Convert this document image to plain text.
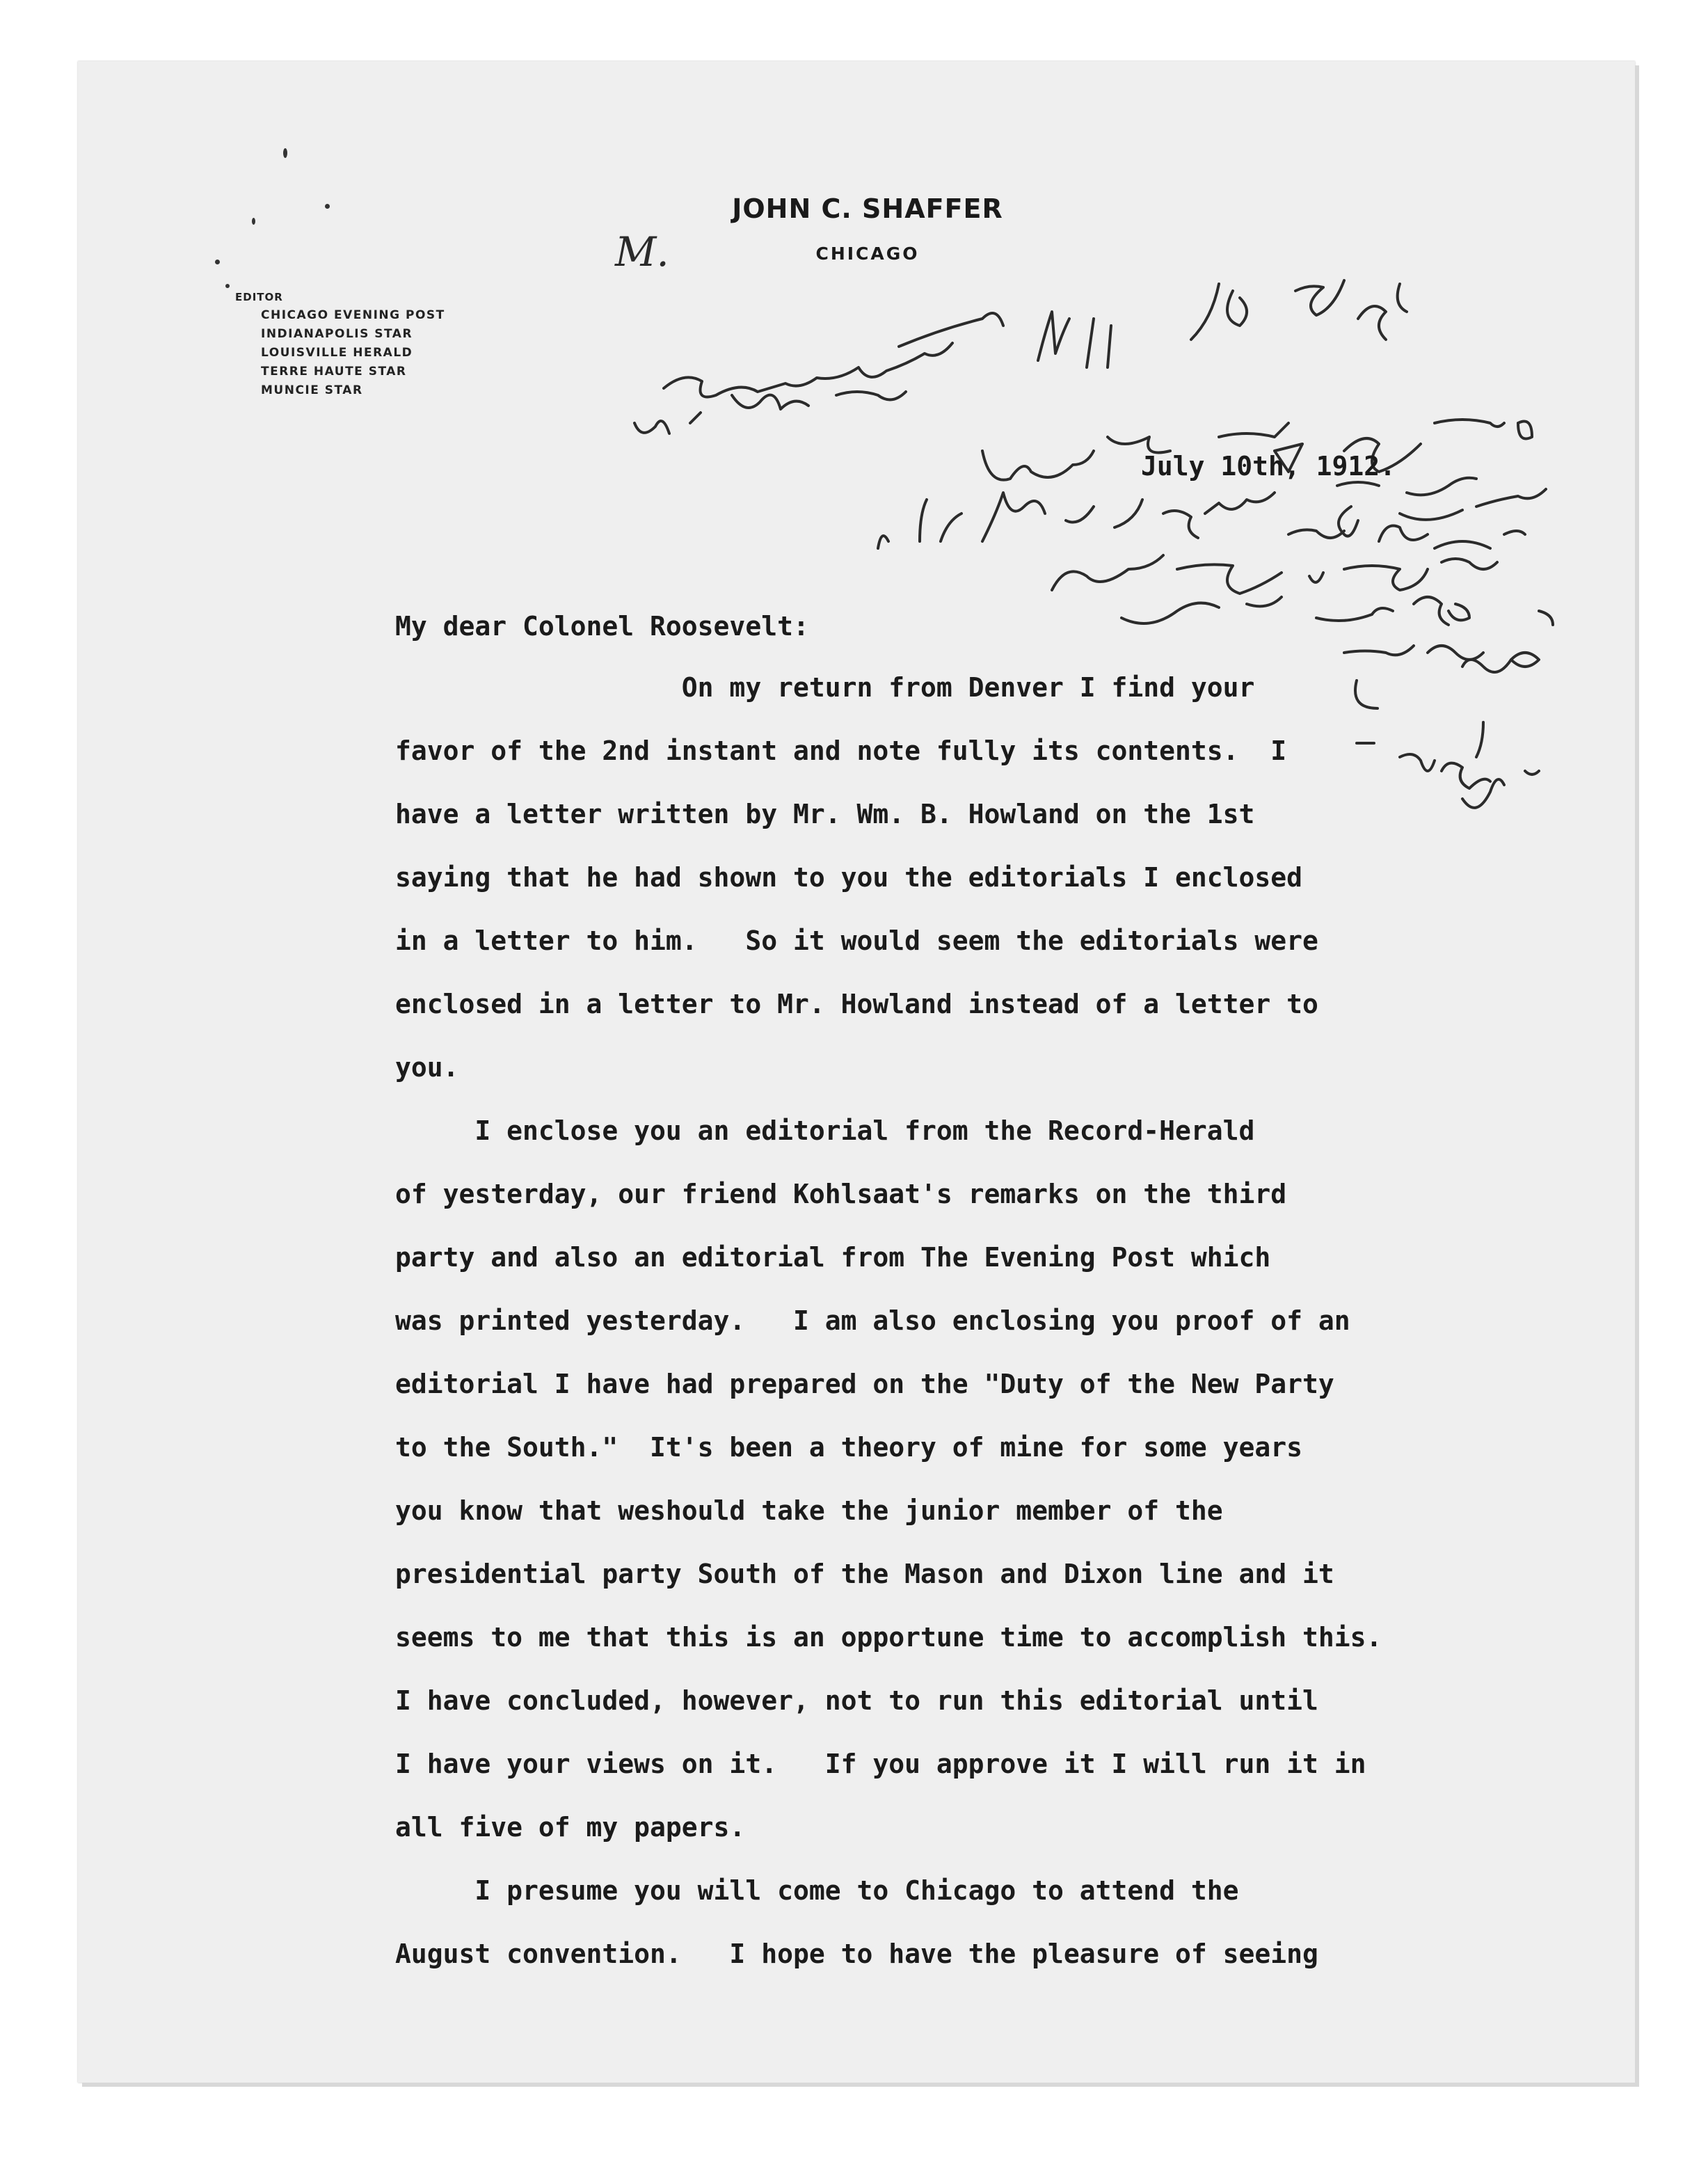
M.
JOHN C. SHAFFER
CHICAGO
EDITOR
CHICAGO EVENING POST
INDIANAPOLIS STAR
LOUISVILLE HERALD
TERRE HAUTE STAR
MUNCIE STAR
July 10th, 1912.
My dear Colonel Roosevelt:
On my return from Denver I find your
favor of the 2nd instant and note fully its contents.  I
have a letter written by Mr. Wm. B. Howland on the 1st
saying that he had shown to you the editorials I enclosed
in a letter to him.   So it would seem the editorials were
enclosed in a letter to Mr. Howland instead of a letter to
you.
I enclose you an editorial from the Record-Herald
of yesterday, our friend Kohlsaat's remarks on the third
party and also an editorial from The Evening Post which
was printed yesterday.   I am also enclosing you proof of an
editorial I have had prepared on the "Duty of the New Party
to the South."  It's been a theory of mine for some years
you know that weshould take the junior member of the
presidential party South of the Mason and Dixon line and it
seems to me that this is an opportune time to accomplish this.
I have concluded, however, not to run this editorial until
I have your views on it.   If you approve it I will run it in
all five of my papers.
I presume you will come to Chicago to attend the
August convention.   I hope to have the pleasure of seeing
